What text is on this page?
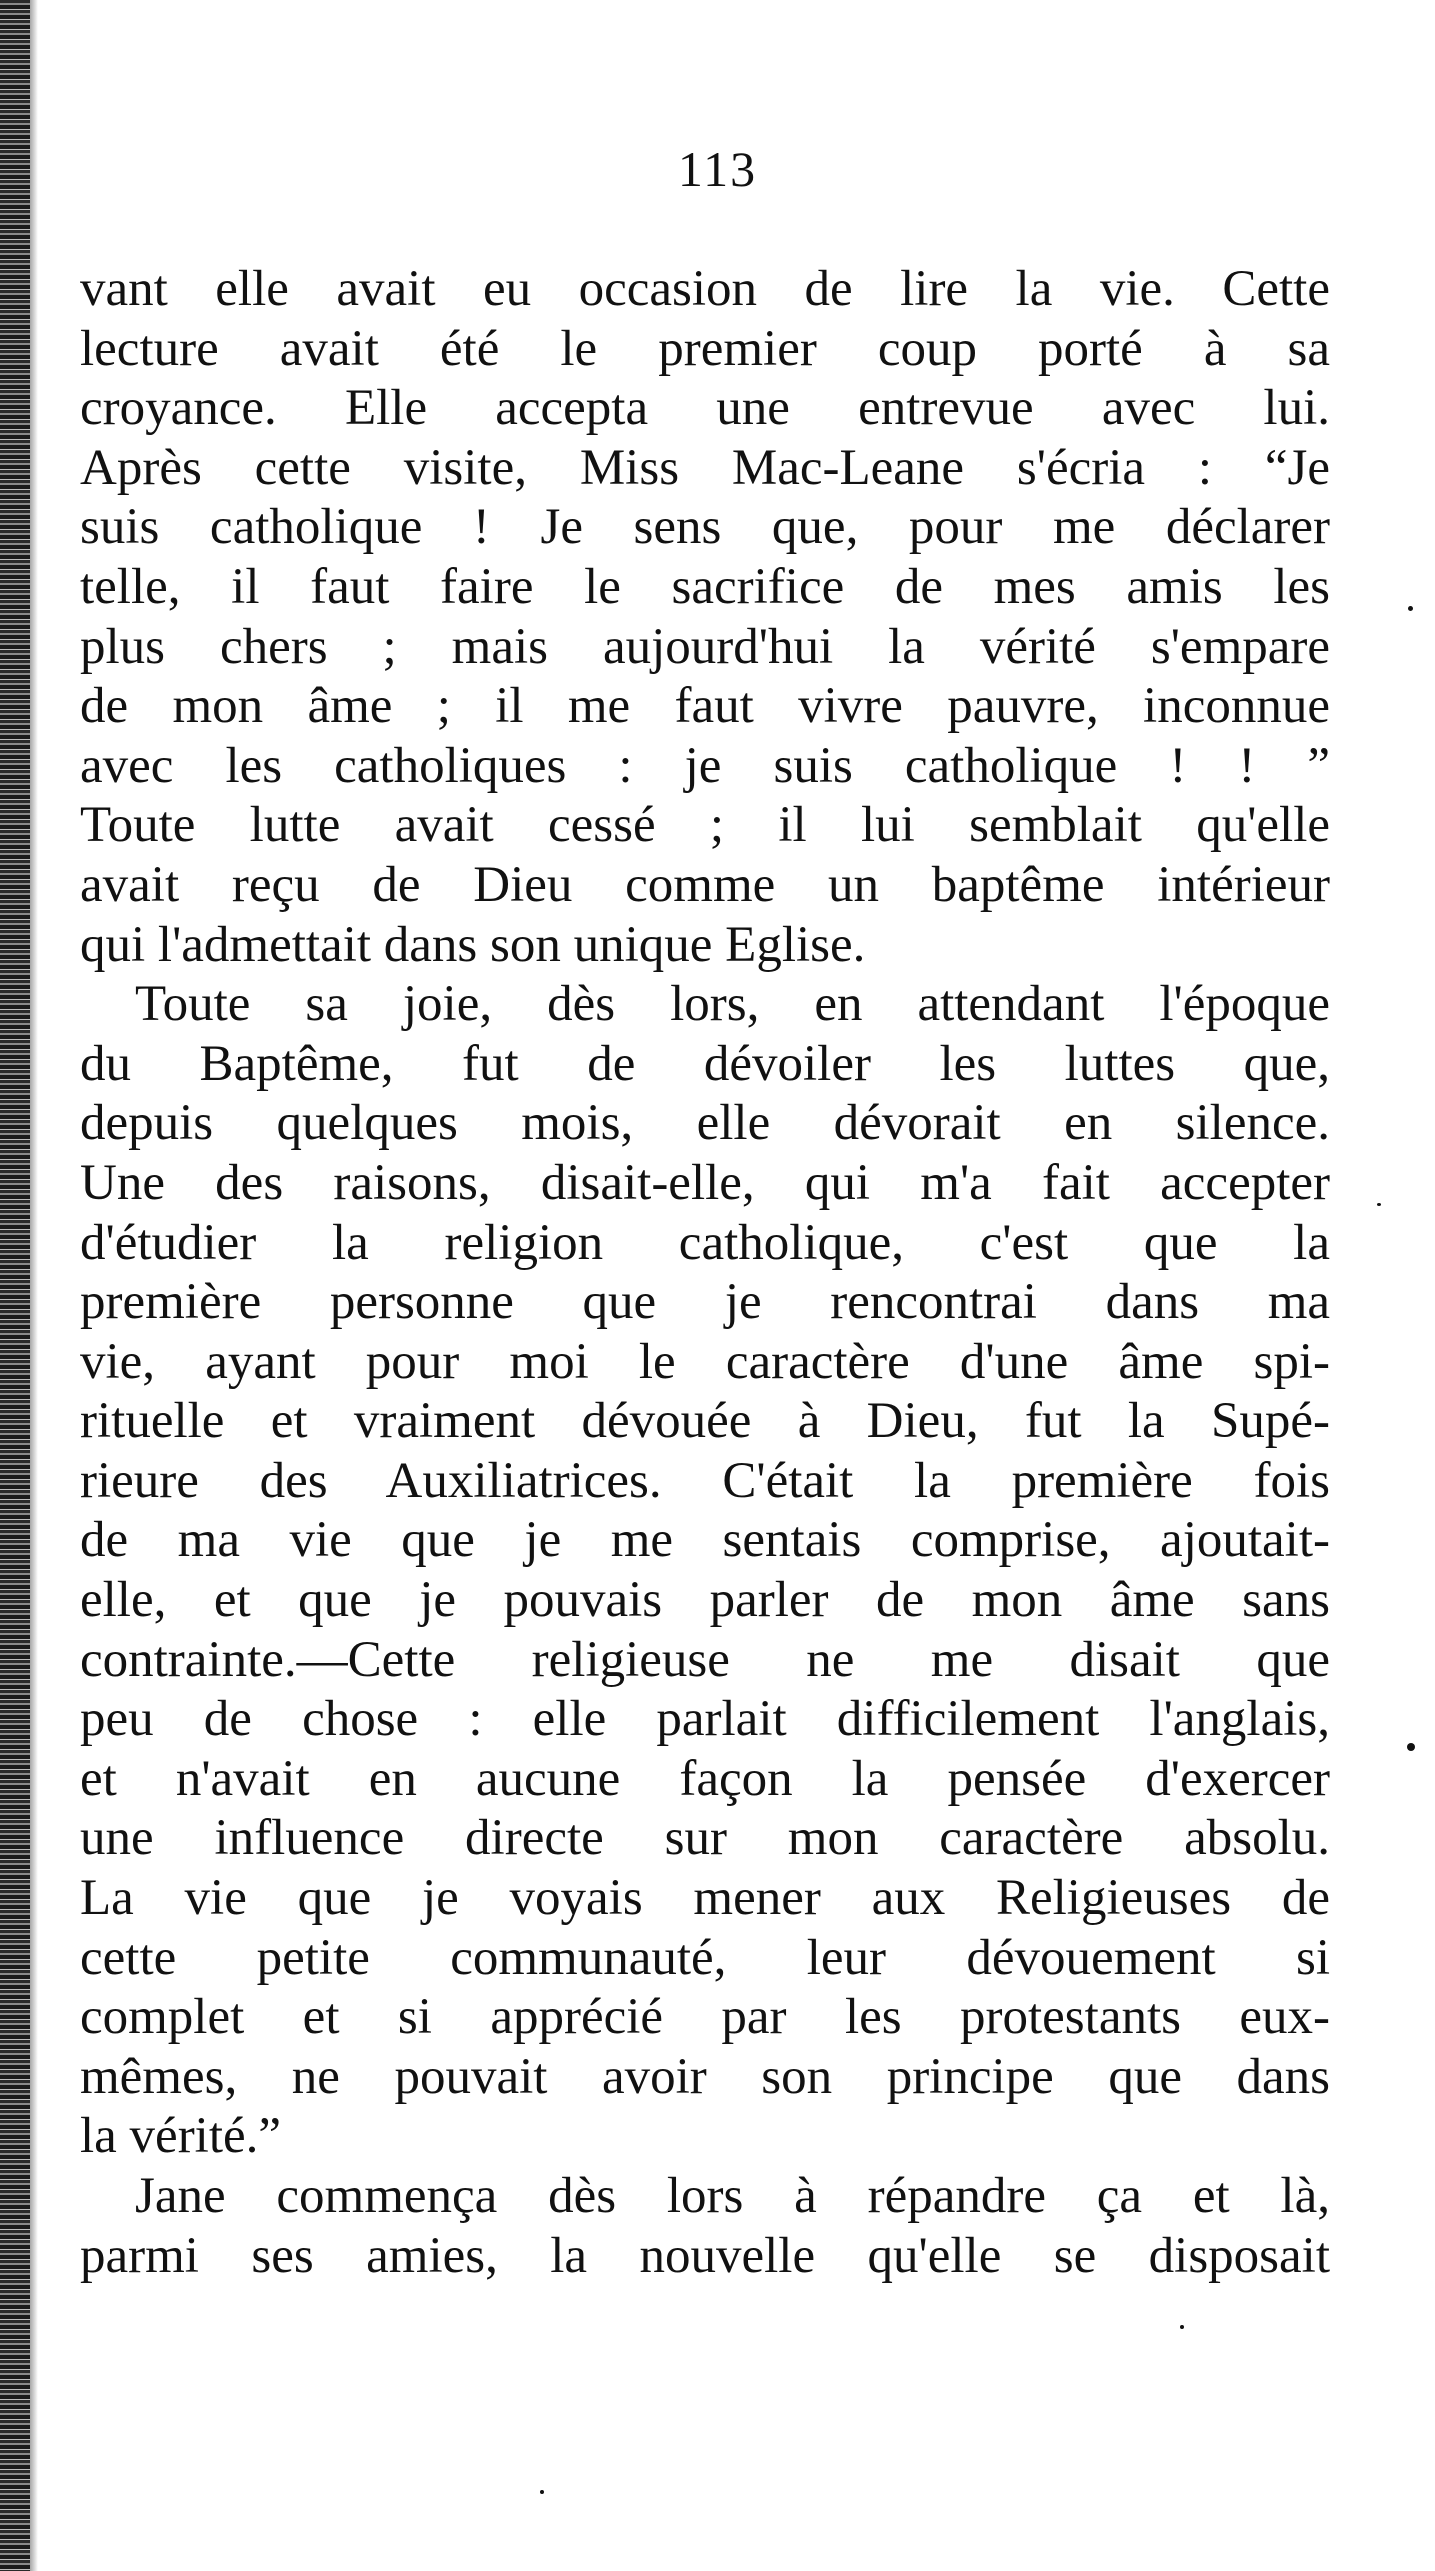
113
vant elle avait eu occasion de lire la vie. Cette
lecture avait été le premier coup porté à sa
croyance. Elle accepta une entrevue avec lui.
Après cette visite, Miss Mac-Leane s'écria : “Je
suis catholique ! Je sens que, pour me déclarer
telle, il faut faire le sacrifice de mes amis les
plus chers ; mais aujourd'hui la vérité s'empare
de mon âme ; il me faut vivre pauvre, inconnue
avec les catholiques : je suis catholique ! ! ”
Toute lutte avait cessé ; il lui semblait qu'elle
avait reçu de Dieu comme un baptême intérieur
qui l'admettait dans son unique Eglise.
Toute sa joie, dès lors, en attendant l'époque
du Baptême, fut de dévoiler les luttes que,
depuis quelques mois, elle dévorait en silence.
Une des raisons, disait-elle, qui m'a fait accepter
d'étudier la religion catholique, c'est que la
première personne que je rencontrai dans ma
vie, ayant pour moi le caractère d'une âme spi-
rituelle et vraiment dévouée à Dieu, fut la Supé-
rieure des Auxiliatrices. C'était la première fois
de ma vie que je me sentais comprise, ajoutait-
elle, et que je pouvais parler de mon âme sans
contrainte.—Cette religieuse ne me disait que
peu de chose : elle parlait difficilement l'anglais,
et n'avait en aucune façon la pensée d'exercer
une influence directe sur mon caractère absolu.
La vie que je voyais mener aux Religieuses de
cette petite communauté, leur dévouement si
complet et si apprécié par les protestants eux-
mêmes, ne pouvait avoir son principe que dans
la vérité.”
Jane commença dès lors à répandre ça et là,
parmi ses amies, la nouvelle qu'elle se disposait
